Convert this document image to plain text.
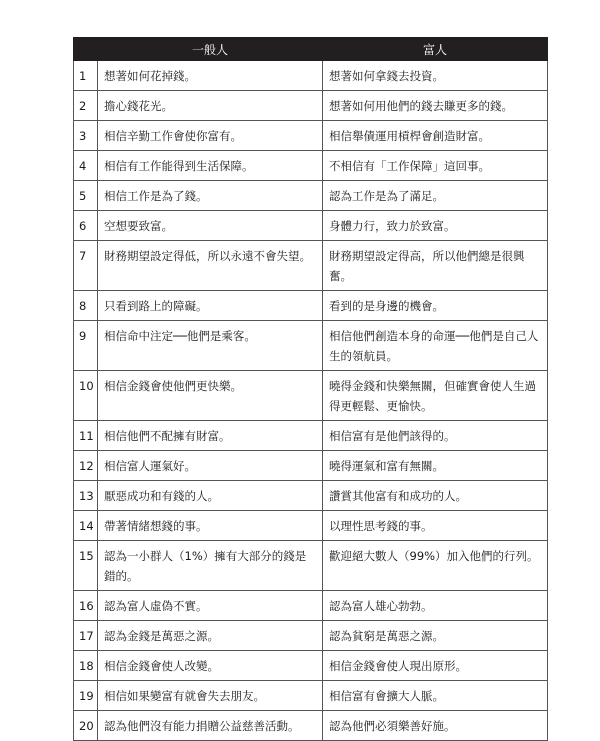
	一般人	富人
1	想著如何花掉錢。	想著如何拿錢去投資。
2	擔心錢花光。	想著如何用他們的錢去賺更多的錢。
3	相信辛勤工作會使你富有。	相信舉債運用槓桿會創造財富。
4	相信有工作能得到生活保障。	不相信有「工作保障」這回事。
5	相信工作是為了錢。	認為工作是為了滿足。
6	空想要致富。	身體力行，致力於致富。
7	財務期望設定得低，所以永遠不會失望。	財務期望設定得高，所以他們總是很興奮。
8	只看到路上的障礙。	看到的是身邊的機會。
9	相信命中注定──他們是乘客。	相信他們創造本身的命運──他們是自己人生的領航員。
10	相信金錢會使他們更快樂。	曉得金錢和快樂無關，但確實會使人生過得更輕鬆、更愉快。
11	相信他們不配擁有財富。	相信富有是他們該得的。
12	相信富人運氣好。	曉得運氣和富有無關。
13	厭惡成功和有錢的人。	讚賞其他富有和成功的人。
14	帶著情緒想錢的事。	以理性思考錢的事。
15	認為一小群人（1%）擁有大部分的錢是錯的。	歡迎絕大數人（99%）加入他們的行列。
16	認為富人虛偽不實。	認為富人雄心勃勃。
17	認為金錢是萬惡之源。	認為貧窮是萬惡之源。
18	相信金錢會使人改變。	相信金錢會使人現出原形。
19	相信如果變富有就會失去朋友。	相信富有會擴大人脈。
20	認為他們沒有能力捐贈公益慈善活動。	認為他們必須樂善好施。
